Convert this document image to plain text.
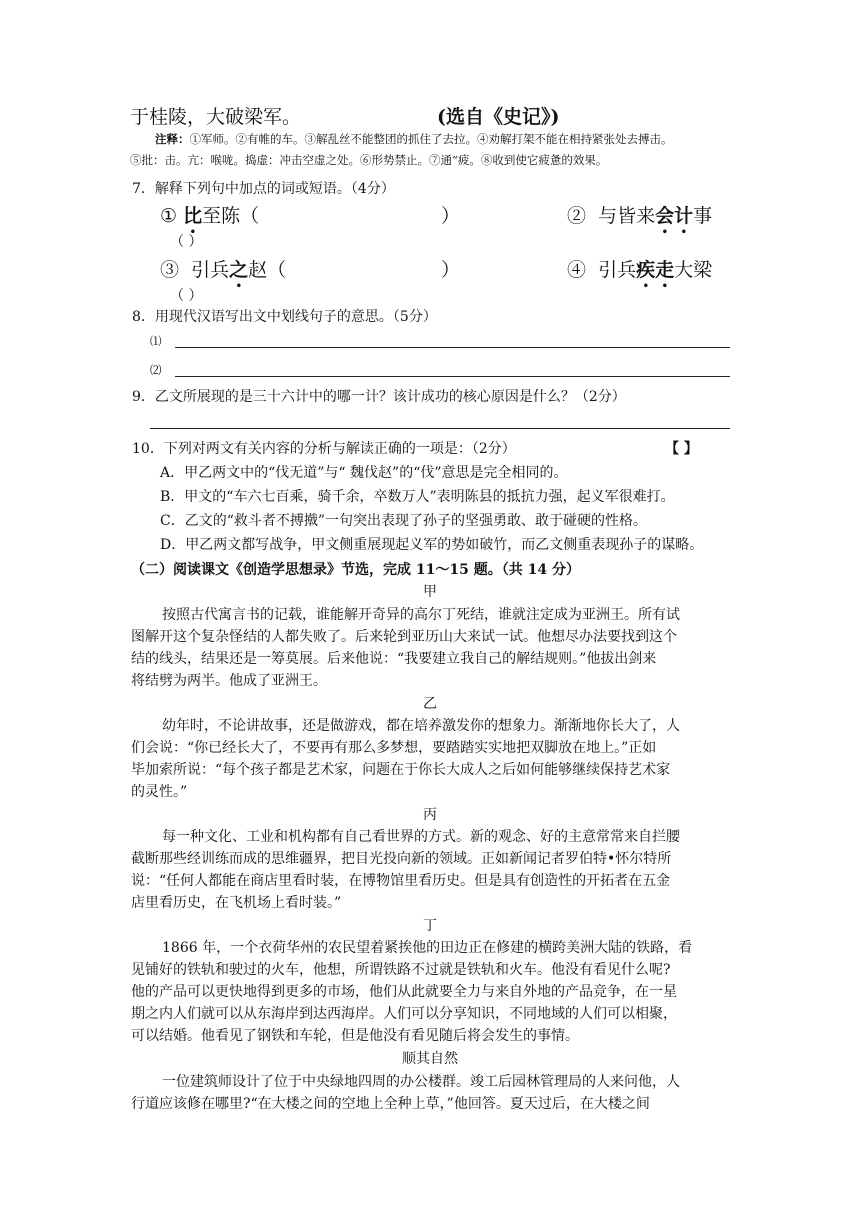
于桂陵，大破梁军。	(选自《史记》)
注释：①军师。②有帷的车。③解乱丝不能整团的抓住了去拉。④劝解打架不能在相持紧张处去搏击。
⑤批：击。亢：喉咙。捣虚：冲击空虚之处。⑥形势禁止。⑦通“疲。⑧收到使它疲惫的效果。
7．解释下列句中加点的词或短语。（4分）
① 比至陈（	）	② 与皆来会计事
（ ）
③ 引兵之赵（	）	④ 引兵疾走大梁
（ ）
8．用现代汉语写出文中划线句子的意思。（5分）
⑴
⑵
9．乙文所展现的是三十六计中的哪一计？该计成功的核心原因是什么？（2分）
10．下列对两文有关内容的分析与解读正确的一项是：（2分）	【 】
A．甲乙两文中的“伐无道”与“ 魏伐赵”的“伐”意思是完全相同的。
B．甲文的“车六七百乘，骑千余，卒数万人”表明陈县的抵抗力强，起义军很难打。
C．乙文的“救斗者不搏撠”一句突出表现了孙子的坚强勇敢、敢于碰硬的性格。
D．甲乙两文都写战争，甲文侧重展现起义军的势如破竹，而乙文侧重表现孙子的谋略。
（二）阅读课文《创造学思想录》节选，完成 11～15 题。（共 14 分）
甲
按照古代寓言书的记载，谁能解开奇异的高尔丁死结，谁就注定成为亚洲王。所有试
图解开这个复杂怪结的人都失败了。后来轮到亚历山大来试一试。他想尽办法要找到这个
结的线头，结果还是一筹莫展。后来他说：“我要建立我自己的解结规则。”他拔出剑来
将结劈为两半。他成了亚洲王。
乙
幼年时，不论讲故事，还是做游戏，都在培养激发你的想象力。渐渐地你长大了，人
们会说：“你已经长大了，不要再有那么多梦想，要踏踏实实地把双脚放在地上。”正如
毕加索所说：“每个孩子都是艺术家，问题在于你长大成人之后如何能够继续保持艺术家
的灵性。”
丙
每一种文化、工业和机构都有自己看世界的方式。新的观念、好的主意常常来自拦腰
截断那些经训练而成的思维疆界，把目光投向新的领域。正如新闻记者罗伯特•怀尔特所
说：“任何人都能在商店里看时装，在博物馆里看历史。但是具有创造性的开拓者在五金
店里看历史，在飞机场上看时装。”
丁
1866 年，一个衣荷华州的农民望着紧挨他的田边正在修建的横跨美洲大陆的铁路，看
见铺好的铁轨和驶过的火车，他想，所谓铁路不过就是铁轨和火车。他没有看见什么呢?
他的产品可以更快地得到更多的市场，他们从此就要全力与来自外地的产品竞争，在一星
期之内人们就可以从东海岸到达西海岸。人们可以分享知识，不同地域的人们可以相聚，
可以结婚。他看见了钢铁和车轮，但是他没有看见随后将会发生的事情。
顺其自然
一位建筑师设计了位于中央绿地四周的办公楼群。竣工后园林管理局的人来问他，人
行道应该修在哪里?“在大楼之间的空地上全种上草，”他回答。夏天过后，在大楼之间
